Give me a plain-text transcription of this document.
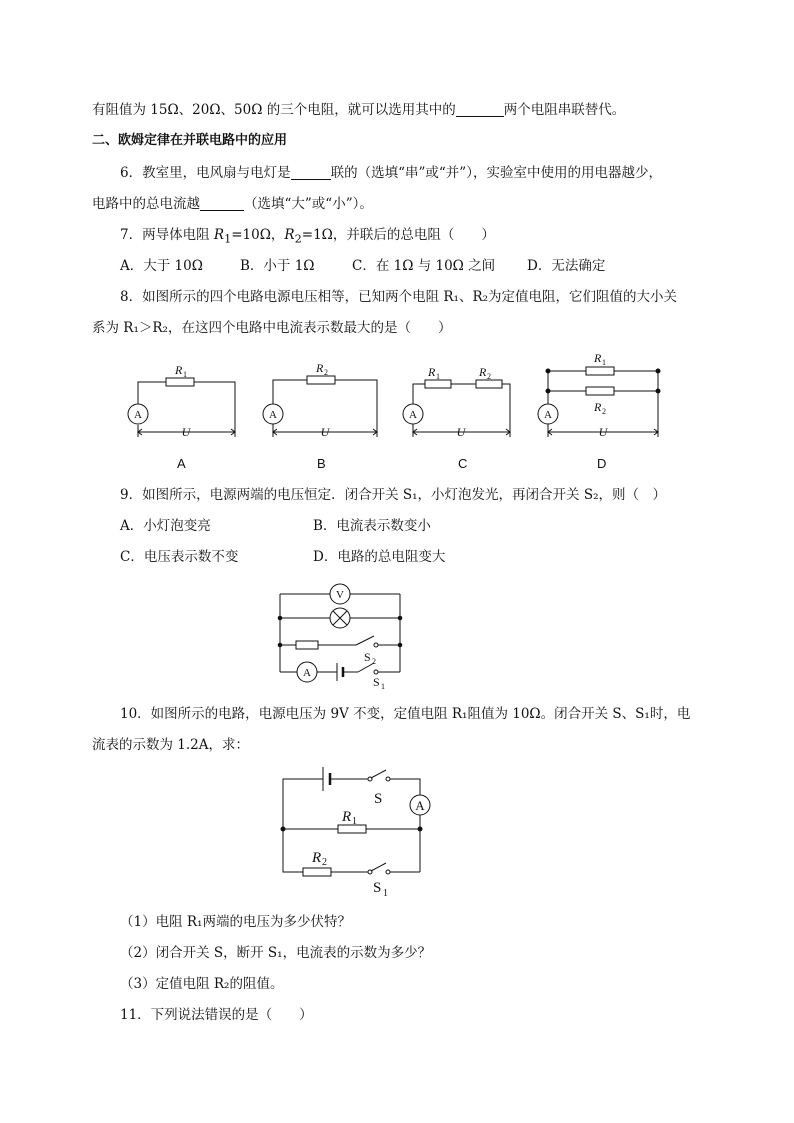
有阻值为 15Ω、20Ω、50Ω 的三个电阻，就可以选用其中的	两个电阻串联替代。
二、欧姆定律在并联电路中的应用
6．教室里，电风扇与电灯是	联的（选填“串”或“并”），实验室中使用的用电器越少，
电路中的总电流越	（选填“大”或“小”）。
7．两导体电阻 $R_1=10\Omega$，$R_2=1\Omega$，并联后的总电阻（　　）
A．大于 10Ω	B．小于 1Ω	C．在 1Ω 与 10Ω 之间 D．无法确定
8．如图所示的四个电路电源电压相等，已知两个电阻 R₁、R₂为定值电阻，它们阻值的大小关
系为 R₁＞R₂，在这四个电路中电流表示数最大的是（　　）
A	A	A	A
U	U	U	U
R 1	R 2	R 1	R 2
R 1
R 2
A	B	C	D
9．如图所示，电源两端的电压恒定．闭合开关 S₁，小灯泡发光，再闭合开关 S₂，则（　）
A．小灯泡变亮	B．电流表示数变小
C．电压表示数不变	D．电路的总电阻变大
V
A
S 2
S 1
10．如图所示的电路，电源电压为 9V 不变，定值电阻 R₁阻值为 10Ω。闭合开关 S、S₁时，电
流表的示数为 1.2A，求：
S	A
R 1
R 2
S 1
（1）电阻 R₁两端的电压为多少伏特？
（2）闭合开关 S，断开 S₁，电流表的示数为多少？
（3）定值电阻 R₂的阻值。
11．下列说法错误的是（　　）
